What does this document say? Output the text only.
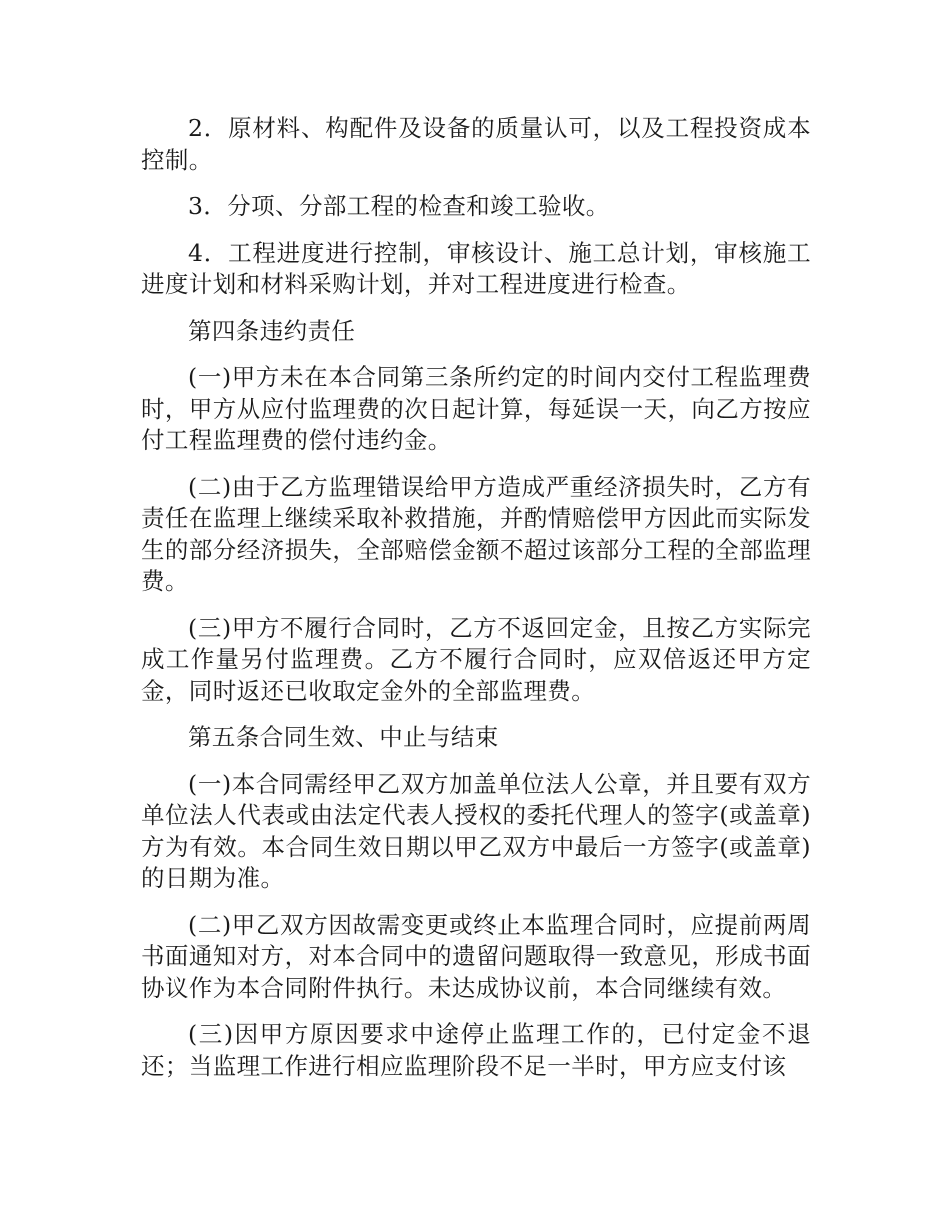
2．原材料、构配件及设备的质量认可，以及工程投资成本控制。

3．分项、分部工程的检查和竣工验收。

4．工程进度进行控制，审核设计、施工总计划，审核施工进度计划和材料采购计划，并对工程进度进行检查。

第四条违约责任

(一)甲方未在本合同第三条所约定的时间内交付工程监理费时，甲方从应付监理费的次日起计算，每延误一天，向乙方按应付工程监理费的偿付违约金。

(二)由于乙方监理错误给甲方造成严重经济损失时，乙方有责任在监理上继续采取补救措施，并酌情赔偿甲方因此而实际发生的部分经济损失，全部赔偿金额不超过该部分工程的全部监理费。

(三)甲方不履行合同时，乙方不返回定金，且按乙方实际完成工作量另付监理费。乙方不履行合同时，应双倍返还甲方定金，同时返还已收取定金外的全部监理费。

第五条合同生效、中止与结束

(一)本合同需经甲乙双方加盖单位法人公章，并且要有双方单位法人代表或由法定代表人授权的委托代理人的签字(或盖章)方为有效。本合同生效日期以甲乙双方中最后一方签字(或盖章)的日期为准。

(二)甲乙双方因故需变更或终止本监理合同时，应提前两周书面通知对方，对本合同中的遗留问题取得一致意见，形成书面协议作为本合同附件执行。未达成协议前，本合同继续有效。

(三)因甲方原因要求中途停止监理工作的，已付定金不退还；当监理工作进行相应监理阶段不足一半时，甲方应支付该
